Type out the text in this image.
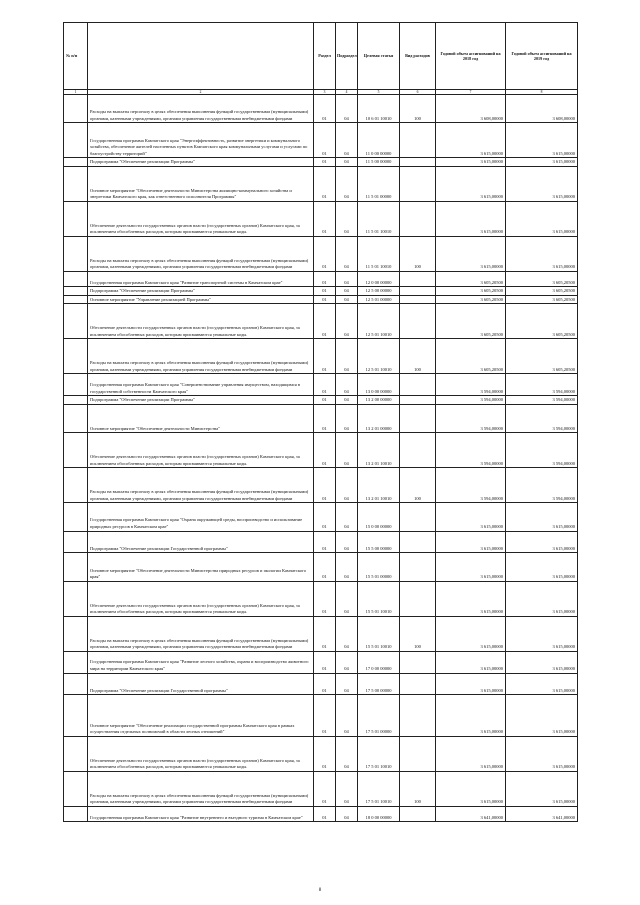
№ п/п		Раздел	Подраздел	Целевая статья	Вид расходов	Годовой объем ассигнований на 2018 год	Годовой объем ассигнований на 2019 год
1	2	3	4	5	6	7	8
	Расходы на выплаты персоналу в целях обеспечения выполнения функций государственными (муниципальными) органами, казенными учреждениями, органами управления государственными внебюджетными фондами	01	04	10 6 01 10010	100	3 608,00000	3 608,00000
	Государственная программа Камчатского края "Энергоэффективность, развитие энергетики и коммунального хозяйства, обеспечение жителей населенных пунктов Камчатского края коммунальными услугами и услугами по благоустройству территорий"	01	04	11 0 00 00000		3 615,00000	3 615,00000
	Подпрограмма "Обеспечение реализации Программы"	01	04	11 5 00 00000		3 615,00000	3 615,00000
	Основное мероприятие "Обеспечение деятельности Министерства жилищно-коммунального хозяйства и энергетики Камчатского края, как ответственного исполнителя Программы"	01	04	11 5 01 00000		3 615,00000	3 615,00000
	Обеспечение деятельности государственных органов власти (государственных органов) Камчатского края, за исключением обособленных расходов, которым присваиваются уникальные коды.	01	04	11 5 01 10010		3 615,00000	3 615,00000
	Расходы на выплаты персоналу в целях обеспечения выполнения функций государственными (муниципальными) органами, казенными учреждениями, органами управления государственными внебюджетными фондами	01	04	11 5 01 10010	100	3 615,00000	3 615,00000
	Государственная программа Камчатского края "Развитие транспортной системы в Камчатском крае"	01	04	12 0 00 00000		3 605,20500	3 605,20500
	Подпрограмма "Обеспечение реализации Программы"	01	04	12 5 00 00000		3 605,20500	3 605,20500
	Основное мероприятие "Управление реализацией Программы"	01	04	12 5 01 00000		3 605,20500	3 605,20500
	Обеспечение деятельности государственных органов власти (государственных органов) Камчатского края, за исключением обособленных расходов, которым присваиваются уникальные коды.	01	04	12 5 01 10010		3 605,20500	3 605,20500
	Расходы на выплаты персоналу в целях обеспечения выполнения функций государственными (муниципальными) органами, казенными учреждениями, органами управления государственными внебюджетными фондами	01	04	12 5 01 10010	100	3 605,20500	3 605,20500
	Государственная программа Камчатского края "Совершенствование управления имуществом, находящимся в государственной собственности Камчатского края"	01	04	13 0 00 00000		3 594,00000	3 594,00000
	Подпрограмма "Обеспечение реализации Программы"	01	04	13 2 00 00000		3 594,00000	3 594,00000
	Основное мероприятие "Обеспечение деятельности Министерства"	01	04	13 2 01 00000		3 594,00000	3 594,00000
	Обеспечение деятельности государственных органов власти (государственных органов) Камчатского края, за исключением обособленных расходов, которым присваиваются уникальные коды.	01	04	13 2 01 10010		3 594,00000	3 594,00000
	Расходы на выплаты персоналу в целях обеспечения выполнения функций государственными (муниципальными) органами, казенными учреждениями, органами управления государственными внебюджетными фондами	01	04	13 2 01 10010	100	3 594,00000	3 594,00000
	Государственная программа Камчатского края "Охрана окружающей среды, воспроизводство и использование природных ресурсов в Камчатском крае"	01	04	15 0 00 00000		3 615,00000	3 615,00000
	Подпрограмма "Обеспечение реализации Государственной программы"	01	04	15 5 00 00000		3 615,00000	3 615,00000
	Основное мероприятие "Обеспечение деятельности Министерства природных ресурсов и экологии Камчатского края"	01	04	15 5 01 00000		3 615,00000	3 615,00000
	Обеспечение деятельности государственных органов власти (государственных органов) Камчатского края, за исключением обособленных расходов, которым присваиваются уникальные коды.	01	04	15 5 01 10010		3 615,00000	3 615,00000
	Расходы на выплаты персоналу в целях обеспечения выполнения функций государственными (муниципальными) органами, казенными учреждениями, органами управления государственными внебюджетными фондами	01	04	15 5 01 10010	100	3 615,00000	3 615,00000
	Государственная программа Камчатского края "Развитие лесного хозяйства, охрана и воспроизводство животного мира на территории Камчатского края"	01	04	17 0 00 00000		3 615,00000	3 615,00000
	Подпрограмма "Обеспечение реализации Государственной программы"	01	04	17 5 00 00000		3 615,00000	3 615,00000
	Основное мероприятие "Обеспечение реализации государственной программы Камчатского края в рамках осуществления отдельных полномочий в области лесных отношений"	01	04	17 5 01 00000		3 615,00000	3 615,00000
	Обеспечение деятельности государственных органов власти (государственных органов) Камчатского края, за исключением обособленных расходов, которым присваиваются уникальные коды.	01	04	17 5 01 10010		3 615,00000	3 615,00000
	Расходы на выплаты персоналу в целях обеспечения выполнения функций государственными (муниципальными) органами, казенными учреждениями, органами управления государственными внебюджетными фондами	01	04	17 5 01 10010	100	3 615,00000	3 615,00000
	Государственная программа Камчатского края "Развитие внутреннего и въездного туризма в Камчатском крае"	01	04	18 0 00 00000		3 641,00000	3 641,00000
8
